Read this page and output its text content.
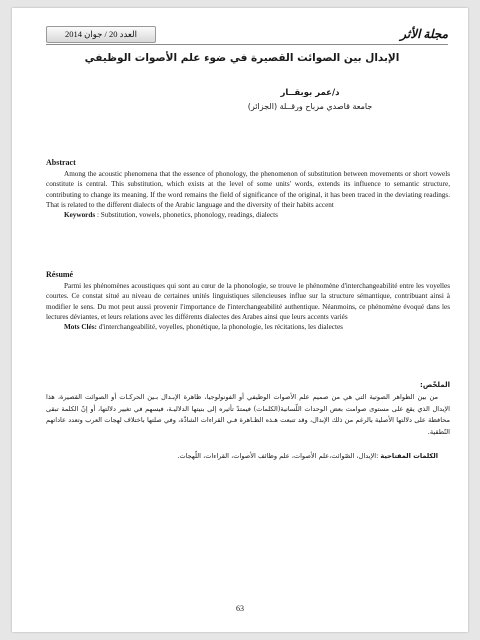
العدد 20 / جوان 2014	مجلة الأثر
الإبدال بين الصوائت القصيرة في ضوء علم الأصوات الوظيفي
د/عمر بوبقــار
جامعة قاصدي مرباح ورقــلة (الجزائر)
Abstract

Among the acoustic phenomena that the essence of phonology, the phenomenon of substitution between movements or short vowels constitute is central. This substitution, which exists at the level of some units' words, extends its influence to semantic structure, contributing to change its meaning. If the word remains the field of significance of the original, it has been traced in the deviating readings. That is related to the different dialects of the Arabic language and the diversity of their habits accent

Keywords : Substitution, vowels, phonetics, phonology, readings, dialects

Résumé

Parmi les phénomènes acoustiques qui sont au cœur de la phonologie, se trouve le phénomène d'interchangeabilité entre les voyelles courtes. Ce constat situé au niveau de certaines unités linguistiques silencieuses influe sur la structure sémantique, contribuant ainsi à modifier le sens. Du mot peut aussi provenir l'importance de l'interchangeabilité authentique. Néanmoins, ce phénomène évoqué dans les lectures déviantes, et leurs relations avec les différents dialectes des Arabes ainsi que leurs accents variés

Mots Clés: d'interchangeabilité, voyelles, phonétique, la phonologie, les récitations, les dialectes

الملخّص:

من بين الظواهر الصوتية التي هي من صميم علم الأصوات الوظيفي أو الفونولوجيا، ظاهرة الإبـدال بـين الحركـات أو الصوائت القصيرة، هذا الإبدال الذي يقع على مستوى صوامت بعض الوحدات اللّسانية(الكلمات) فيمتدّ تأثيره إلى بنيتها الدلاليـة، فيسهم في تغيير دلالتها، أو إنّ الكلمة تبقى محافظة على دلالتها الأصلية بالرغم من ذلك الإبدال، وقد تتبعت هـذه الظـاهرة فـي القراءات الشاذّة، وفي صلتها باختلاف لهجات العرب وتعدد عاداتهم النّطقية.

الكلمات المفتاحية :الإبدال، الصّوائت،علم الأصوات، علم وظائف الأصوات، القراءات، اللّهجات.

63
